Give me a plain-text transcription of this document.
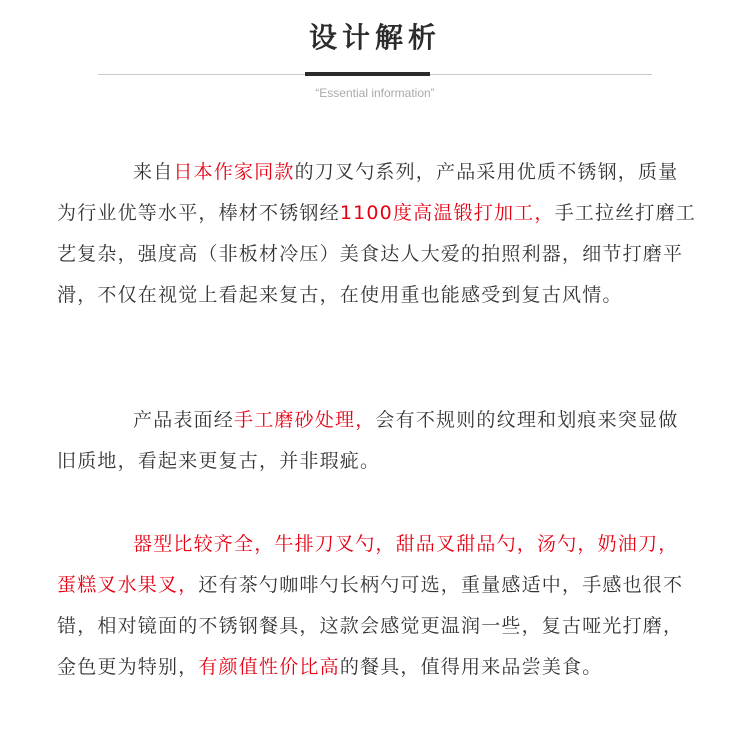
设计解析
“Essential information”

来自日本作家同款的刀叉勺系列，产品采用优质不锈钢，质量为行业优等水平，棒材不锈钢经1100度高温锻打加工，手工拉丝打磨工艺复杂，强度高（非板材冷压）美食达人大爱的拍照利器，细节打磨平滑，不仅在视觉上看起来复古，在使用重也能感受到复古风情。

产品表面经手工磨砂处理，会有不规则的纹理和划痕来突显做旧质地，看起来更复古，并非瑕疵。

器型比较齐全，牛排刀叉勺，甜品叉甜品勺，汤勺，奶油刀，蛋糕叉水果叉，还有茶勺咖啡勺长柄勺可选，重量感适中，手感也很不错，相对镜面的不锈钢餐具，这款会感觉更温润一些，复古哑光打磨，金色更为特别，有颜值性价比高的餐具，值得用来品尝美食。
